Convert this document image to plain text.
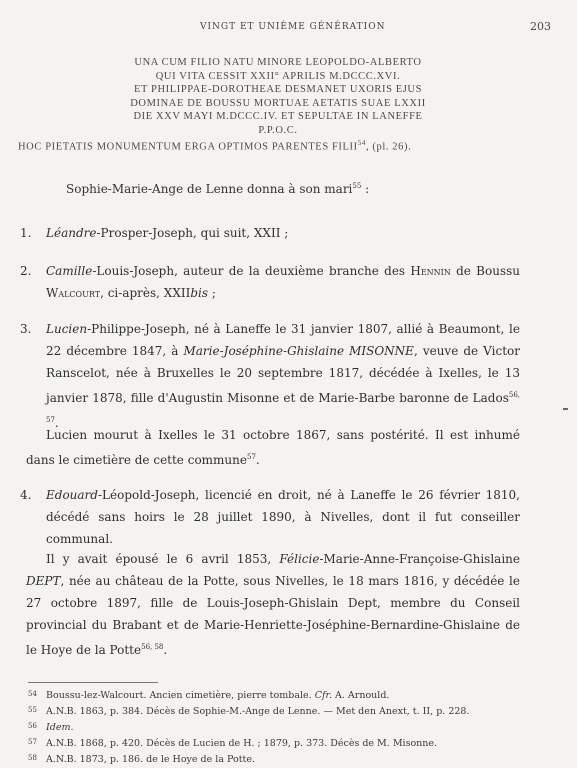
VINGT ET UNIÈME GÉNÉRATION	203
UNA CUM FILIO NATU MINORE LEOPOLDO-ALBERTO
QUI VITA CESSIT XXII° APRILIS M.DCCC.XVI.
ET PHILIPPAE-DOROTHEAE DESMANET UXORIS EJUS
DOMINAE DE BOUSSU MORTUAE AETATIS SUAE LXXII
DIE XXV MAYI M.DCCC.IV. ET SEPULTAE IN LANEFFE
P.P.O.C.
HOC PIETATIS MONUMENTUM ERGA OPTIMOS PARENTES FILII$^{54}$, (pl. 26).
Sophie-Marie-Ange de Lenne donna à son mari$^{55}$ :
1. Léandre-Prosper-Joseph, qui suit, XXII ;
2. Camille-Louis-Joseph, auteur de la deuxième branche des Hennin de Boussu Walcourt, ci-après, XXIIbis ;
3. Lucien-Philippe-Joseph, né à Laneffe le 31 janvier 1807, allié à Beaumont, le 22 décembre 1847, à Marie-Joséphine-Ghislaine MISONNE, veuve de Victor Ranscelot, née à Bruxelles le 20 septembre 1817, décédée à Ixelles, le 13 janvier 1878, fille d'Augustin Misonne et de Marie-Barbe baronne de Lados$^{56, 57}$.
Lucien mourut à Ixelles le 31 octobre 1867, sans postérité. Il est inhumé dans le cimetière de cette commune$^{57}$.
4. Edouard-Léopold-Joseph, licencié en droit, né à Laneffe le 26 février 1810, décédé sans hoirs le 28 juillet 1890, à Nivelles, dont il fut conseiller communal.
Il y avait épousé le 6 avril 1853, Félicie-Marie-Anne-Françoise-Ghislaine DEPT, née au château de la Potte, sous Nivelles, le 18 mars 1816, y décédée le 27 octobre 1897, fille de Louis-Joseph-Ghislain Dept, membre du Conseil provincial du Brabant et de Marie-Henriette-Joséphine-Bernardine-Ghislaine de le Hoye de la Potte$^{56, 58}$.
54 Boussu-lez-Walcourt. Ancien cimetière, pierre tombale. Cfr. A. Arnould.
55 A.N.B. 1863, p. 384. Décès de Sophie-M.-Ange de Lenne. — Met den Anext, t. II, p. 228.
56 Idem.
57 A.N.B. 1868, p. 420. Décès de Lucien de H. ; 1879, p. 373. Décès de M. Misonne.
58 A.N.B. 1873, p. 186. de le Hoye de la Potte.
